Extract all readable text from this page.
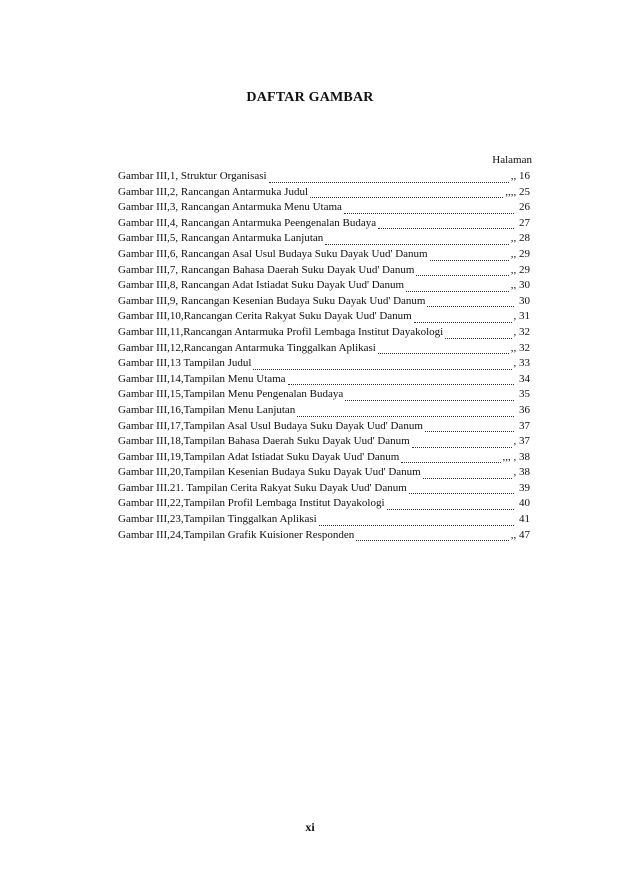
DAFTAR GAMBAR
Halaman
Gambar III,1, Struktur Organisasi	,, 16
Gambar III,2, Rancangan Antarmuka Judul	,,,, 25
Gambar III,3, Rancangan Antarmuka Menu Utama	26
Gambar III,4, Rancangan Antarmuka Peengenalan Budaya	27
Gambar III,5, Rancangan Antarmuka Lanjutan	,, 28
Gambar III,6, Rancangan Asal Usul Budaya Suku Dayak Uud' Danum	,, 29
Gambar III,7, Rancangan Bahasa Daerah Suku Dayak Uud' Danum	,, 29
Gambar III,8, Rancangan Adat Istiadat Suku Dayak Uud' Danum	,, 30
Gambar III,9, Rancangan Kesenian Budaya Suku Dayak Uud' Danum	30
Gambar III,10,Rancangan Cerita Rakyat Suku Dayak Uud' Danum	, 31
Gambar III,11,Rancangan Antarmuka Profil Lembaga Institut Dayakologi	, 32
Gambar III,12,Rancangan Antarmuka Tinggalkan Aplikasi	,, 32
Gambar III,13 Tampilan Judul	, 33
Gambar III,14,Tampilan Menu Utama	34
Gambar III,15,Tampilan Menu Pengenalan Budaya	35
Gambar III,16,Tampilan Menu Lanjutan	36
Gambar III,17,Tampilan Asal Usul Budaya Suku Dayak Uud' Danum	37
Gambar III,18,Tampilan Bahasa Daerah Suku Dayak Uud' Danum	, 37
Gambar III,19,Tampilan Adat Istiadat Suku Dayak Uud' Danum	,,, , 38
Gambar III,20,Tampilan Kesenian Budaya Suku Dayak Uud' Danum	, 38
Gambar III.21. Tampilan Cerita Rakyat Suku Dayak Uud' Danum	39
Gambar III,22,Tampilan Profil Lembaga Institut Dayakologi	40
Gambar III,23,Tampilan Tinggalkan Aplikasi	41
Gambar III,24,Tampilan Grafik Kuisioner Responden	,, 47
xi
